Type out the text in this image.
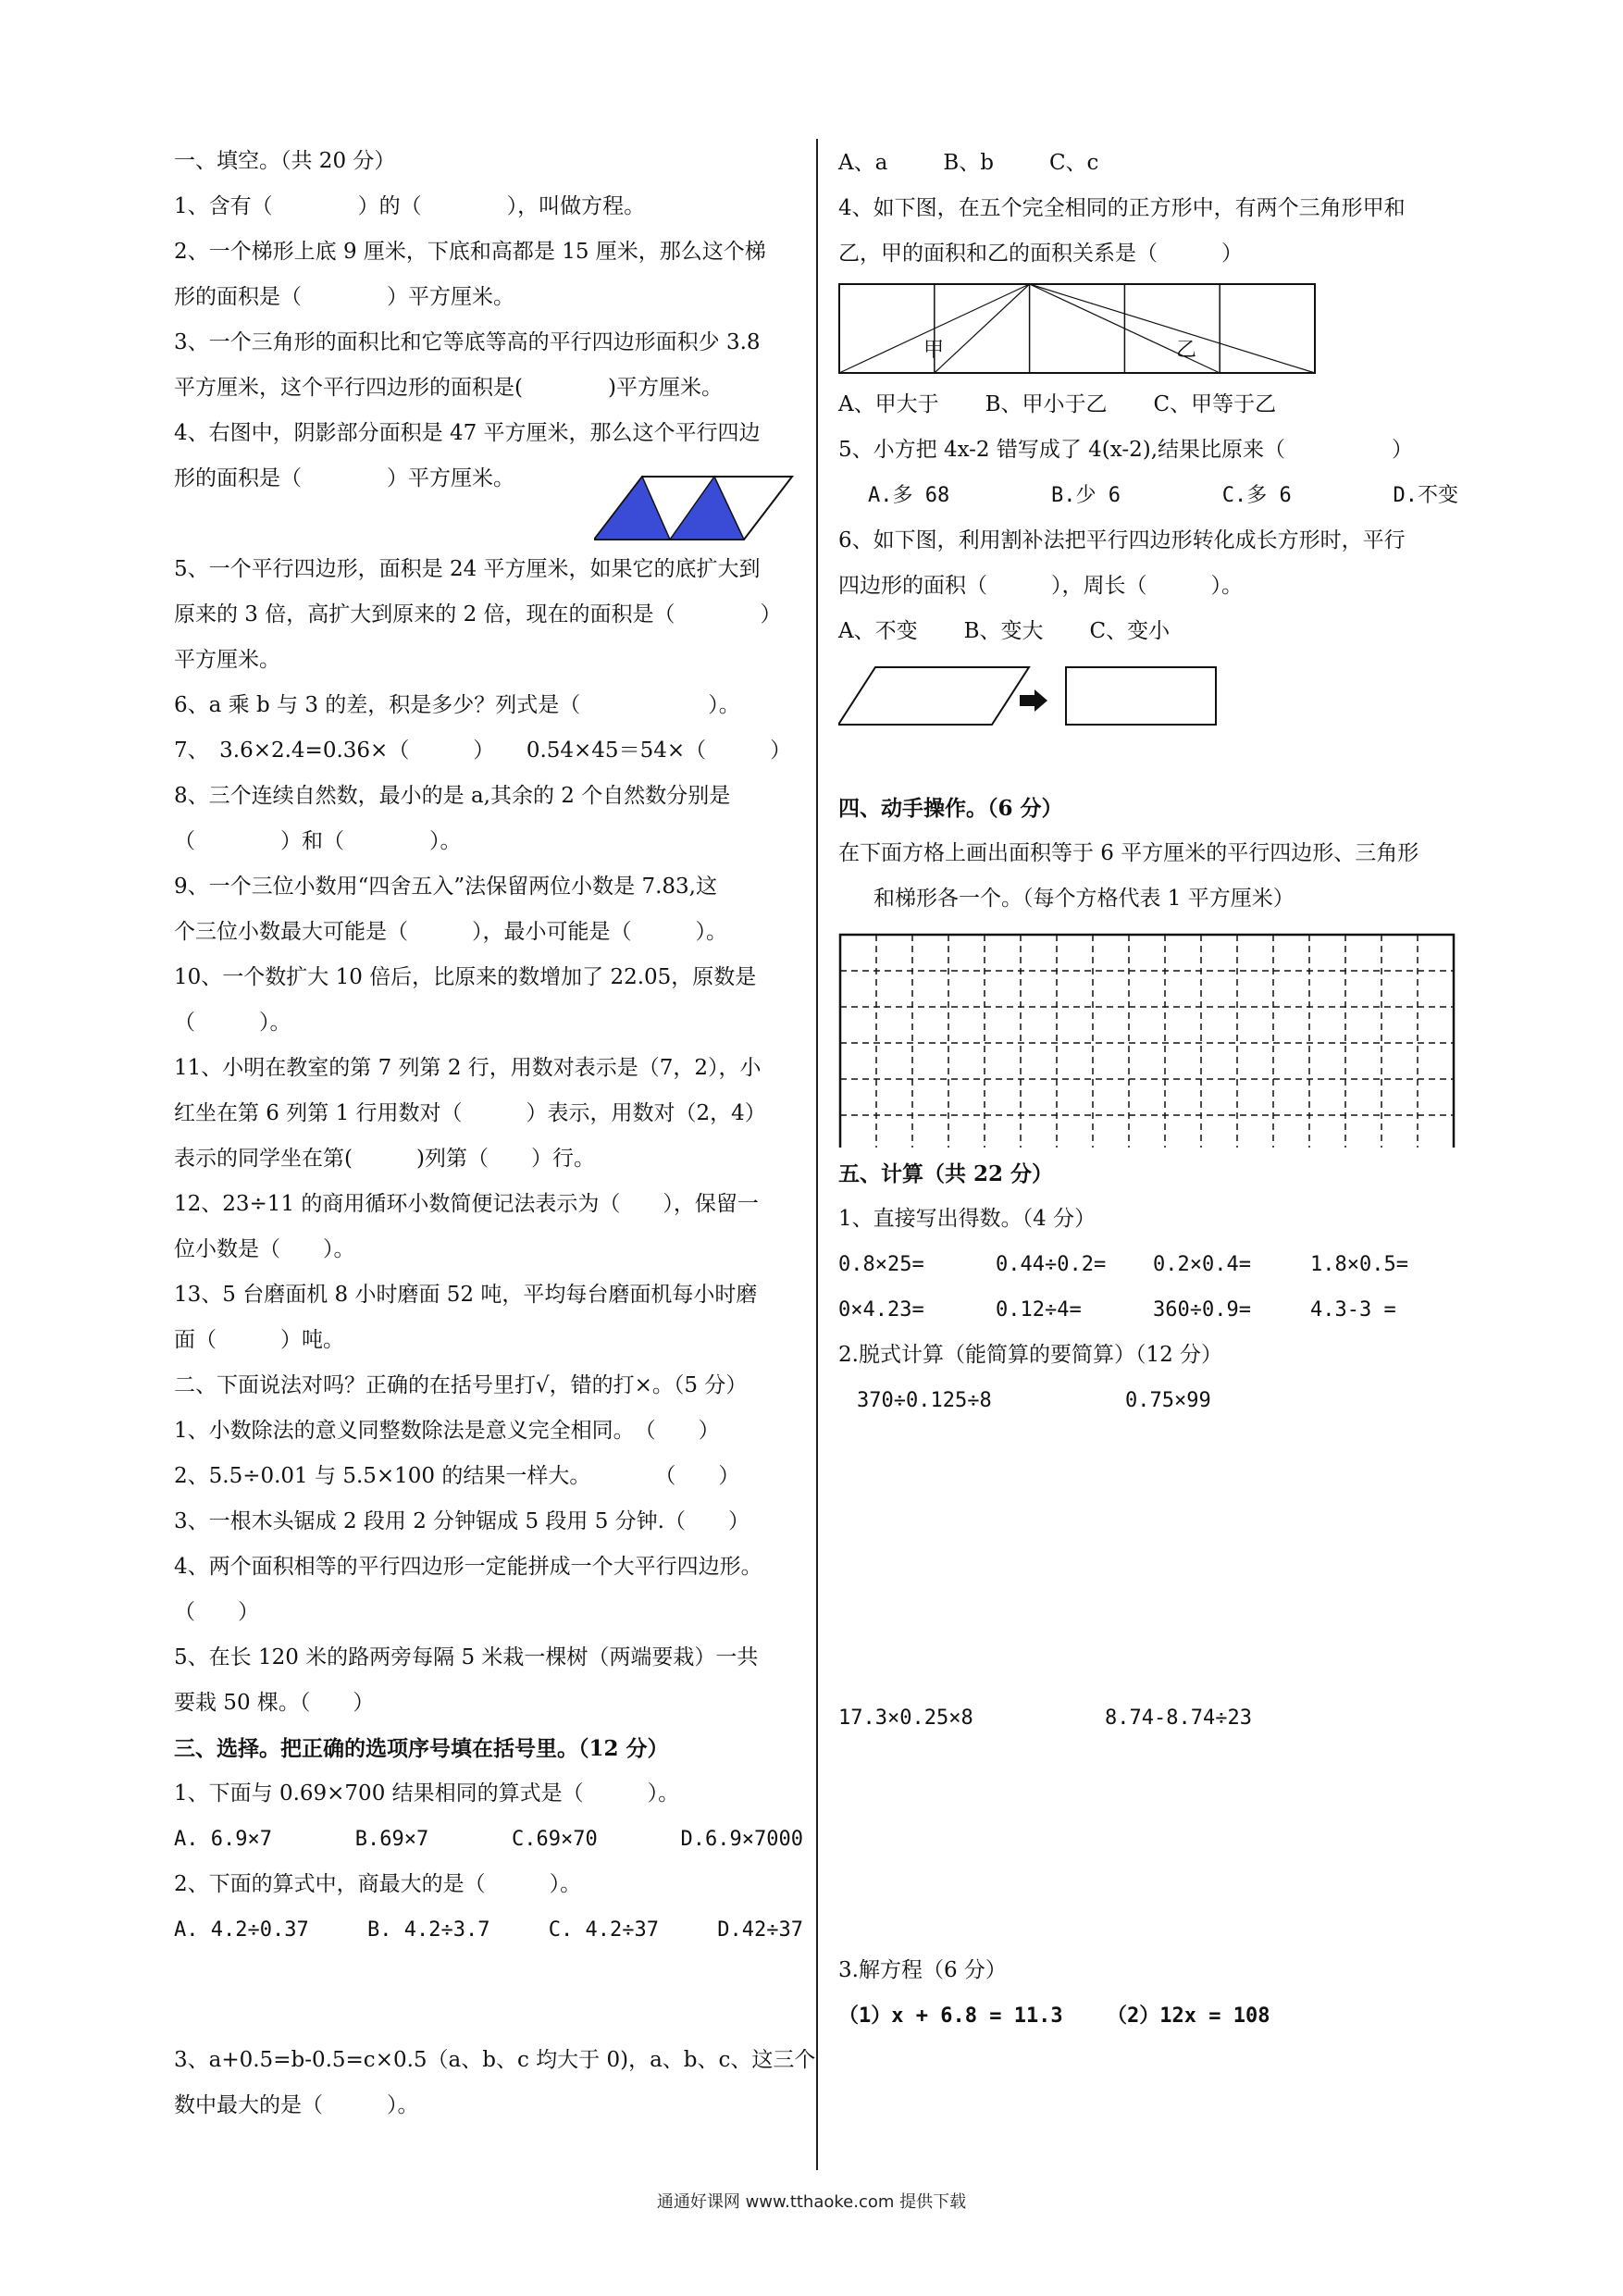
一、填空。（共 20 分）

1、含有（　　　　）的（　　　　），叫做方程。

2、一个梯形上底 9 厘米，下底和高都是 15 厘米，那么这个梯

形的面积是（　　　　）平方厘米。

3、一个三角形的面积比和它等底等高的平行四边形面积少 3.8

平方厘米，这个平行四边形的面积是(　　　　)平方厘米。

4、右图中，阴影部分面积是 47 平方厘米，那么这个平行四边

形的面积是（　　　　）平方厘米。

5、一个平行四边形，面积是 24 平方厘米，如果它的底扩大到

原来的 3 倍，高扩大到原来的 2 倍，现在的面积是（　　　　）

平方厘米。

6、a 乘 b 与 3 的差，积是多少？列式是（　　　　　　）。

7、　3.6×2.4=0.36×（　　　）　　0.54×45＝54×（　　　）

8、三个连续自然数，最小的是 a,其余的 2 个自然数分别是

（　　　　）和（　　　　）。

9、一个三位小数用“四舍五入”法保留两位小数是 7.83,这

个三位小数最大可能是（　　　），最小可能是（　　　）。

10、一个数扩大 10 倍后，比原来的数增加了 22.05，原数是

（　　　）。

11、小明在教室的第 7 列第 2 行，用数对表示是（7，2），小

红坐在第 6 列第 1 行用数对（　　　）表示，用数对（2，4）

表示的同学坐在第(　　　)列第（　　）行。

12、23÷11 的商用循环小数简便记法表示为（　　），保留一

位小数是（　　）。

13、5 台磨面机 8 小时磨面 52 吨，平均每台磨面机每小时磨

面（　　　）吨。

二、下面说法对吗？正确的在括号里打√，错的打×。（5 分）

1、小数除法的意义同整数除法是意义完全相同。　（　　）

2、5.5÷0.01 与 5.5×100 的结果一样大。　　　　（　　）

3、一根木头锯成 2 段用 2 分钟锯成 5 段用 5 分钟.（　　）

4、两个面积相等的平行四边形一定能拼成一个大平行四边形。

（　　）

5、在长 120 米的路两旁每隔 5 米栽一棵树（两端要栽）一共

要栽 50 棵。（　　）

三、选择。把正确的选项序号填在括号里。（12 分）

1、下面与 0.69×700 结果相同的算式是（　　　）。

A. 6.9×7	B.69×7	C.69×70	D.6.9×7000

2、下面的算式中，商最大的是（　　　）。

A. 4.2÷0.37	B. 4.2÷3.7	C. 4.2÷37	D.42÷37

3、a+0.5=b-0.5=c×0.5（a、b、c 均大于 0)，a、b、c、这三个

数中最大的是（　　　）。

A、a	B、b	C、c

4、如下图，在五个完全相同的正方形中，有两个三角形甲和

乙，甲的面积和乙的面积关系是（　　　）

甲	乙
A、甲大于 B、甲小于乙 C、甲等于乙

5、小方把 4x-2 错写成了 4(x-2),结果比原来（　　　　　）

A.多 68	B.少 6	C.多 6	D.不变

6、如下图，利用割补法把平行四边形转化成长方形时，平行

四边形的面积（　　　），周长（　　　）。

A、不变 B、变大 C、变小

四、动手操作。（6 分）

在下面方格上画出面积等于 6 平方厘米的平行四边形、三角形

和梯形各一个。（每个方格代表 1 平方厘米）

五、计算（共 22 分）

1、直接写出得数。（4 分）

0.8×25=	0.44÷0.2=	0.2×0.4=	1.8×0.5=
0×4.23=	0.12÷4=	360÷0.9=	4.3-3 =

2.脱式计算（能简算的要简算）（12 分）

370÷0.125÷8	0.75×99
17.3×0.25×8	8.74-8.74÷23

3.解方程（6 分）

（1）x + 6.8 = 11.3	（2）12x = 108
通通好课网 www.tthaoke.com 提供下载
